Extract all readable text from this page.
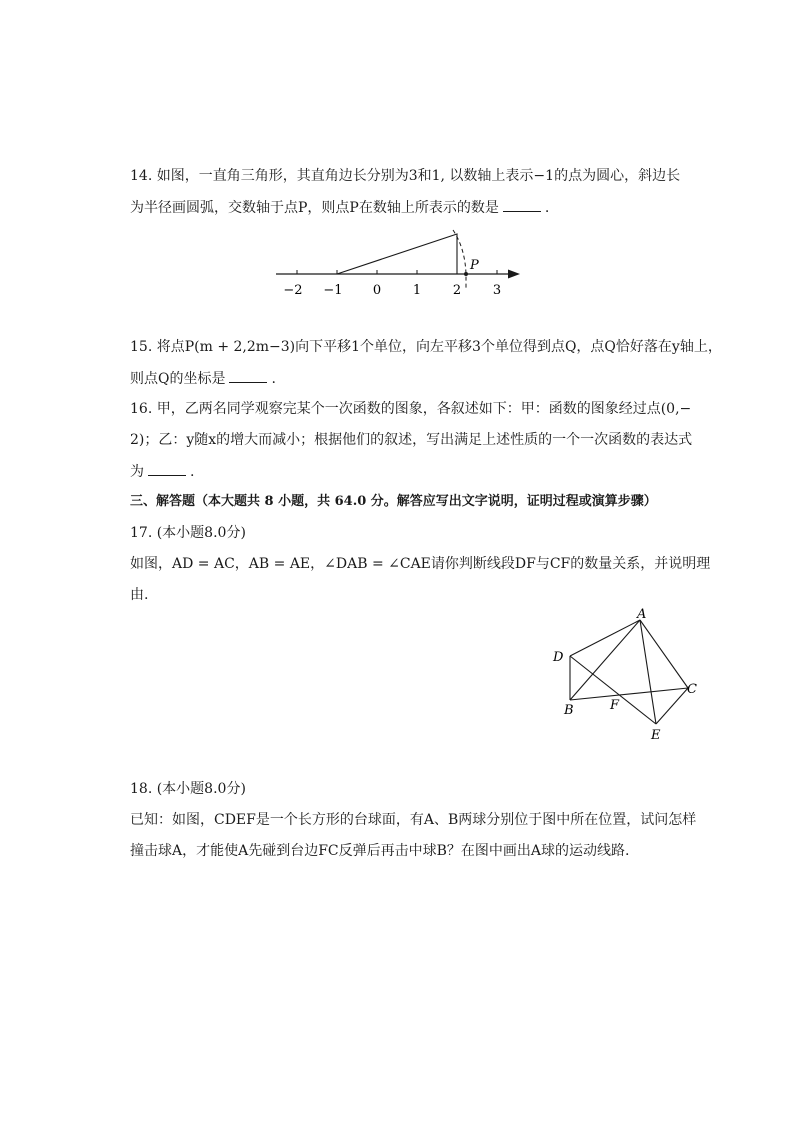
14. 如图，一直角三角形，其直角边长分别为3和1, 以数轴上表示−1的点为圆心，斜边长
为半径画圆弧，交数轴于点P，则点P在数轴上所表示的数是	.
−2 −1 0 1 2 3
P
15. 将点P(m + 2,2m−3)向下平移1个单位，向左平移3个单位得到点Q，点Q恰好落在y轴上，
则点Q的坐标是	.
16. 甲，乙两名同学观察完某个一次函数的图象，各叙述如下：甲：函数的图象经过点(0,−
2)；乙：y随x的增大而减小；根据他们的叙述，写出满足上述性质的一个一次函数的表达式
为	.
三、解答题（本大题共 8 小题，共 64.0 分。解答应写出文字说明，证明过程或演算步骤）
17. (本小题8.0分)
如图，AD = AC，AB = AE，∠DAB = ∠CAE请你判断线段DF与CF的数量关系，并说明理
由.
A
D
C
B	F
E
18. (本小题8.0分)
已知：如图，CDEF是一个长方形的台球面，有A、B两球分别位于图中所在位置，试问怎样
撞击球A，才能使A先碰到台边FC反弹后再击中球B？在图中画出A球的运动线路.
